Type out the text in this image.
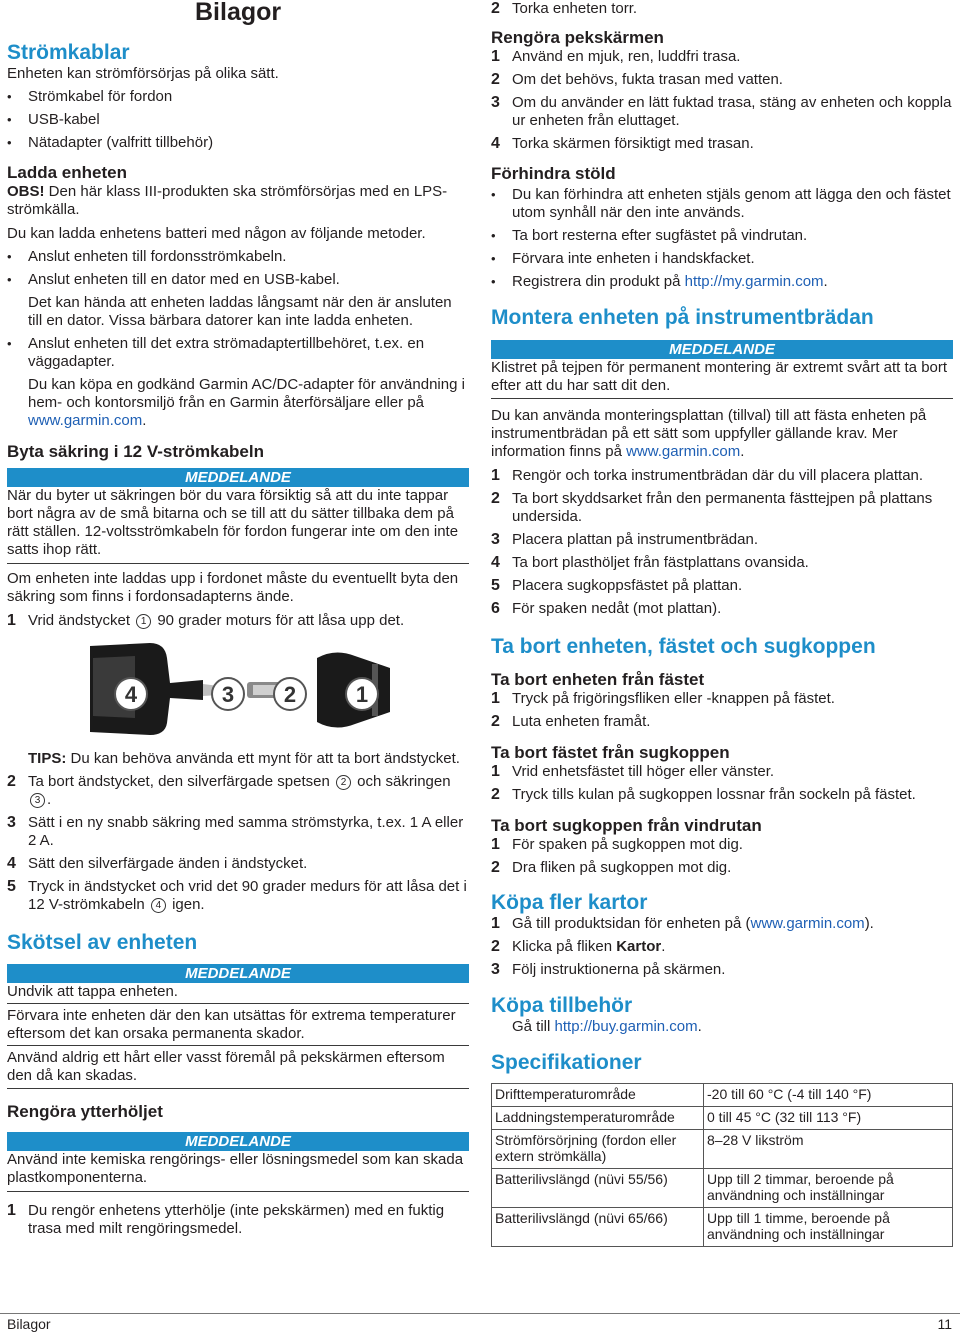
Bilagor
Strömkablar

Enheten kan strömförsörjas på olika sätt.

• Strömkabel för fordon
• USB-kabel
• Nätadapter (valfritt tillbehör)
Ladda enheten

OBS! Den här klass III-produkten ska strömförsörjas med en LPS-strömkälla.

Du kan ladda enhetens batteri med någon av följande metoder.

• Anslut enheten till fordonsströmkabeln.
• Anslut enheten till en dator med en USB-kabel.

Det kan hända att enheten laddas långsamt när den är ansluten till en dator. Vissa bärbara datorer kan inte ladda enheten.

• Anslut enheten till det extra strömadaptertillbehöret, t.ex. en väggadapter.

Du kan köpa en godkänd Garmin AC/DC-adapter för användning i hem- och kontorsmiljö från en Garmin återförsäljare eller på www.garmin.com.

Byta säkring i 12 V-strömkabeln
MEDDELANDE

När du byter ut säkringen bör du vara försiktig så att du inte tappar bort några av de små bitarna och se till att du sätter tillbaka dem på rätt ställen. 12-voltsströmkabeln för fordon fungerar inte om den inte satts ihop rätt.

Om enheten inte laddas upp i fordonet måste du eventuellt byta den säkring som finns i fordonsadapterns ände.

1 Vrid ändstycket 1 90 grader moturs för att låsa upp det.
4	3 2	1

TIPS: Du kan behöva använda ett mynt för att ta bort ändstycket.

2 Ta bort ändstycket, den silverfärgade spetsen 2 och säkringen 3 .
3 Sätt i en ny snabb säkring med samma strömstyrka, t.ex. 1 A eller 2 A.
4 Sätt den silverfärgade änden i ändstycket.
5 Tryck in ändstycket och vrid det 90 grader medurs för att låsa det i 12 V-strömkabeln 4 igen.
Skötsel av enheten
MEDDELANDE

Undvik att tappa enheten.

Förvara inte enheten där den kan utsättas för extrema temperaturer eftersom det kan orsaka permanenta skador.

Använd aldrig ett hårt eller vasst föremål på pekskärmen eftersom den då kan skadas.

Rengöra ytterhöljet
MEDDELANDE

Använd inte kemiska rengörings- eller lösningsmedel som kan skada plastkomponenterna.

1 Du rengör enhetens ytterhölje (inte pekskärmen) med en fuktig trasa med milt rengöringsmedel.
2 Torka enheten torr.
Rengöra pekskärmen
1 Använd en mjuk, ren, luddfri trasa.
2 Om det behövs, fukta trasan med vatten.
3 Om du använder en lätt fuktad trasa, stäng av enheten och koppla ur enheten från eluttaget.
4 Torka skärmen försiktigt med trasan.
Förhindra stöld
• Du kan förhindra att enheten stjäls genom att lägga den och fästet utom synhåll när den inte används.
• Ta bort resterna efter sugfästet på vindrutan.
• Förvara inte enheten i handskfacket.
• Registrera din produkt på http://my.garmin.com.
Montera enheten på instrumentbrädan
MEDDELANDE

Klistret på tejpen för permanent montering är extremt svårt att ta bort efter att du har satt dit den.

Du kan använda monteringsplattan (tillval) till att fästa enheten på instrumentbrädan på ett sätt som uppfyller gällande krav. Mer information finns på www.garmin.com.

1 Rengör och torka instrumentbrädan där du vill placera plattan.
2 Ta bort skyddsarket från den permanenta fästtejpen på plattans undersida.
3 Placera plattan på instrumentbrädan.
4 Ta bort plasthöljet från fästplattans ovansida.
5 Placera sugkoppsfästet på plattan.
6 För spaken nedåt (mot plattan).
Ta bort enheten, fästet och sugkoppen
Ta bort enheten från fästet
1 Tryck på frigöringsfliken eller -knappen på fästet.
2 Luta enheten framåt.
Ta bort fästet från sugkoppen
1 Vrid enhetsfästet till höger eller vänster.
2 Tryck tills kulan på sugkoppen lossnar från sockeln på fästet.
Ta bort sugkoppen från vindrutan
1 För spaken på sugkoppen mot dig.
2 Dra fliken på sugkoppen mot dig.
Köpa fler kartor
1 Gå till produktsidan för enheten på (www.garmin.com).
2 Klicka på fliken Kartor.
3 Följ instruktionerna på skärmen.
Köpa tillbehör

Gå till http://buy.garmin.com.

Specifikationer
Drifttemperaturområde	-20 till 60 °C (-4 till 140 °F)
Laddningstemperaturområde	0 till 45 °C (32 till 113 °F)
Strömförsörjning (fordon eller extern strömkälla)	8–28 V likström
Batterilivslängd (nüvi 55/56)	Upp till 2 timmar, beroende på användning och inställningar
Batterilivslängd (nüvi 65/66)	Upp till 1 timme, beroende på användning och inställningar
Bilagor	11
